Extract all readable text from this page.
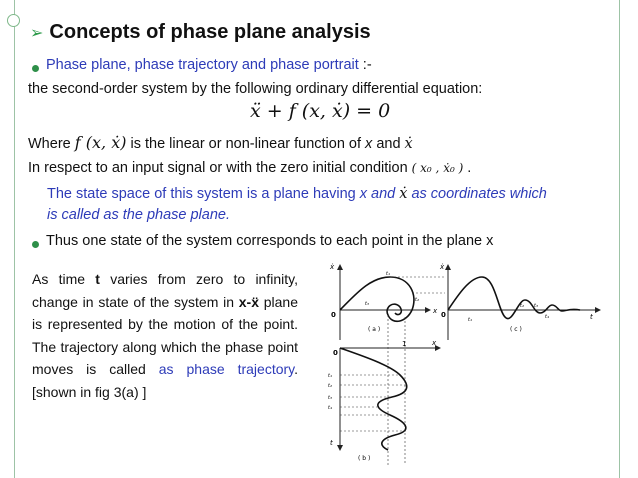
➢ Concepts of phase plane analysis
Phase plane, phase trajectory and phase portrait :-
the second-order system by the following ordinary differential equation:
ẍ + f (x, ẋ) = 0
Where f (x, ẋ) is the linear or non-linear function of x and ẋ
In respect to an input signal or with the zero initial condition ( x₀ , ẋ₀ ) .
The state space of this system is a plane having x and ẋ as coordinates which
is called as the phase plane.
Thus one state of the system corresponds to each point in the plane x
As time t varies from zero to infinity, change in state of the system in x-ẍ plane is represented by the motion of the point. The trajectory along which the phase point moves is called as phase trajectory. [shown in fig 3(a) ]
ẋ
x
0
t₁
t₂
t₃
( a )
ẋ
t
0
t₁
t₂ t₃
t₄
( c )
0
1	x
t₁
t₂
t₃
t₄
t
( b )
